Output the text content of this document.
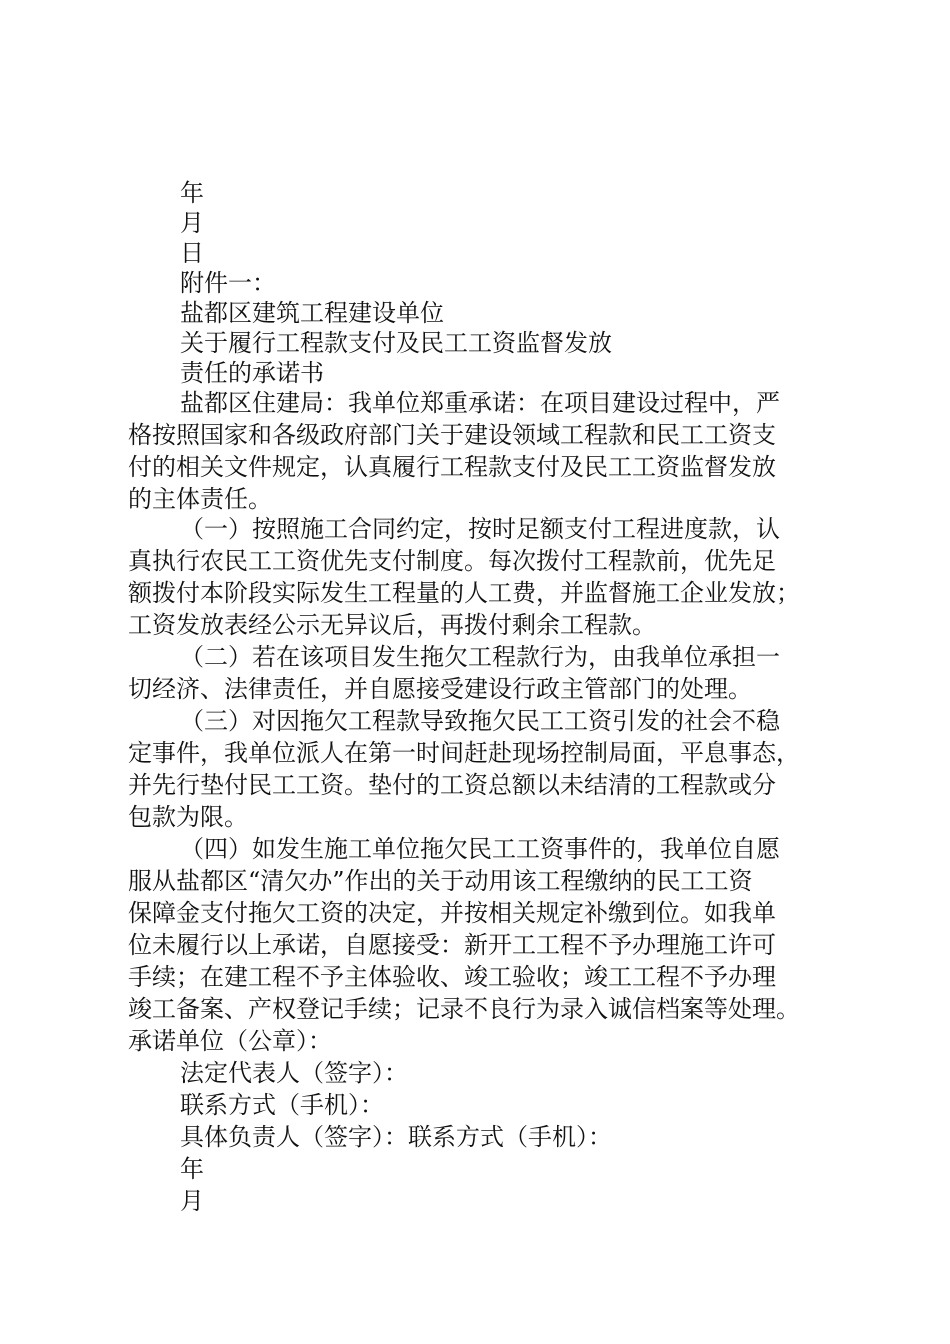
年
月
日
附件一：
盐都区建筑工程建设单位
关于履行工程款支付及民工工资监督发放
责任的承诺书
盐都区住建局：我单位郑重承诺：在项目建设过程中，严
格按照国家和各级政府部门关于建设领域工程款和民工工资支
付的相关文件规定，认真履行工程款支付及民工工资监督发放
的主体责任。
（一）按照施工合同约定，按时足额支付工程进度款，认
真执行农民工工资优先支付制度。每次拨付工程款前，优先足
额拨付本阶段实际发生工程量的人工费，并监督施工企业发放；
工资发放表经公示无异议后，再拨付剩余工程款。
（二）若在该项目发生拖欠工程款行为，由我单位承担一
切经济、法律责任，并自愿接受建设行政主管部门的处理。
（三）对因拖欠工程款导致拖欠民工工资引发的社会不稳
定事件，我单位派人在第一时间赶赴现场控制局面，平息事态，
并先行垫付民工工资。垫付的工资总额以未结清的工程款或分
包款为限。
（四）如发生施工单位拖欠民工工资事件的，我单位自愿
服从盐都区“清欠办”作出的关于动用该工程缴纳的民工工资
保障金支付拖欠工资的决定，并按相关规定补缴到位。如我单
位未履行以上承诺，自愿接受：新开工工程不予办理施工许可
手续；在建工程不予主体验收、竣工验收；竣工工程不予办理
竣工备案、产权登记手续；记录不良行为录入诚信档案等处理。
承诺单位（公章）：
法定代表人（签字）：
联系方式（手机）：
具体负责人（签字）：联系方式（手机）：
年
月
